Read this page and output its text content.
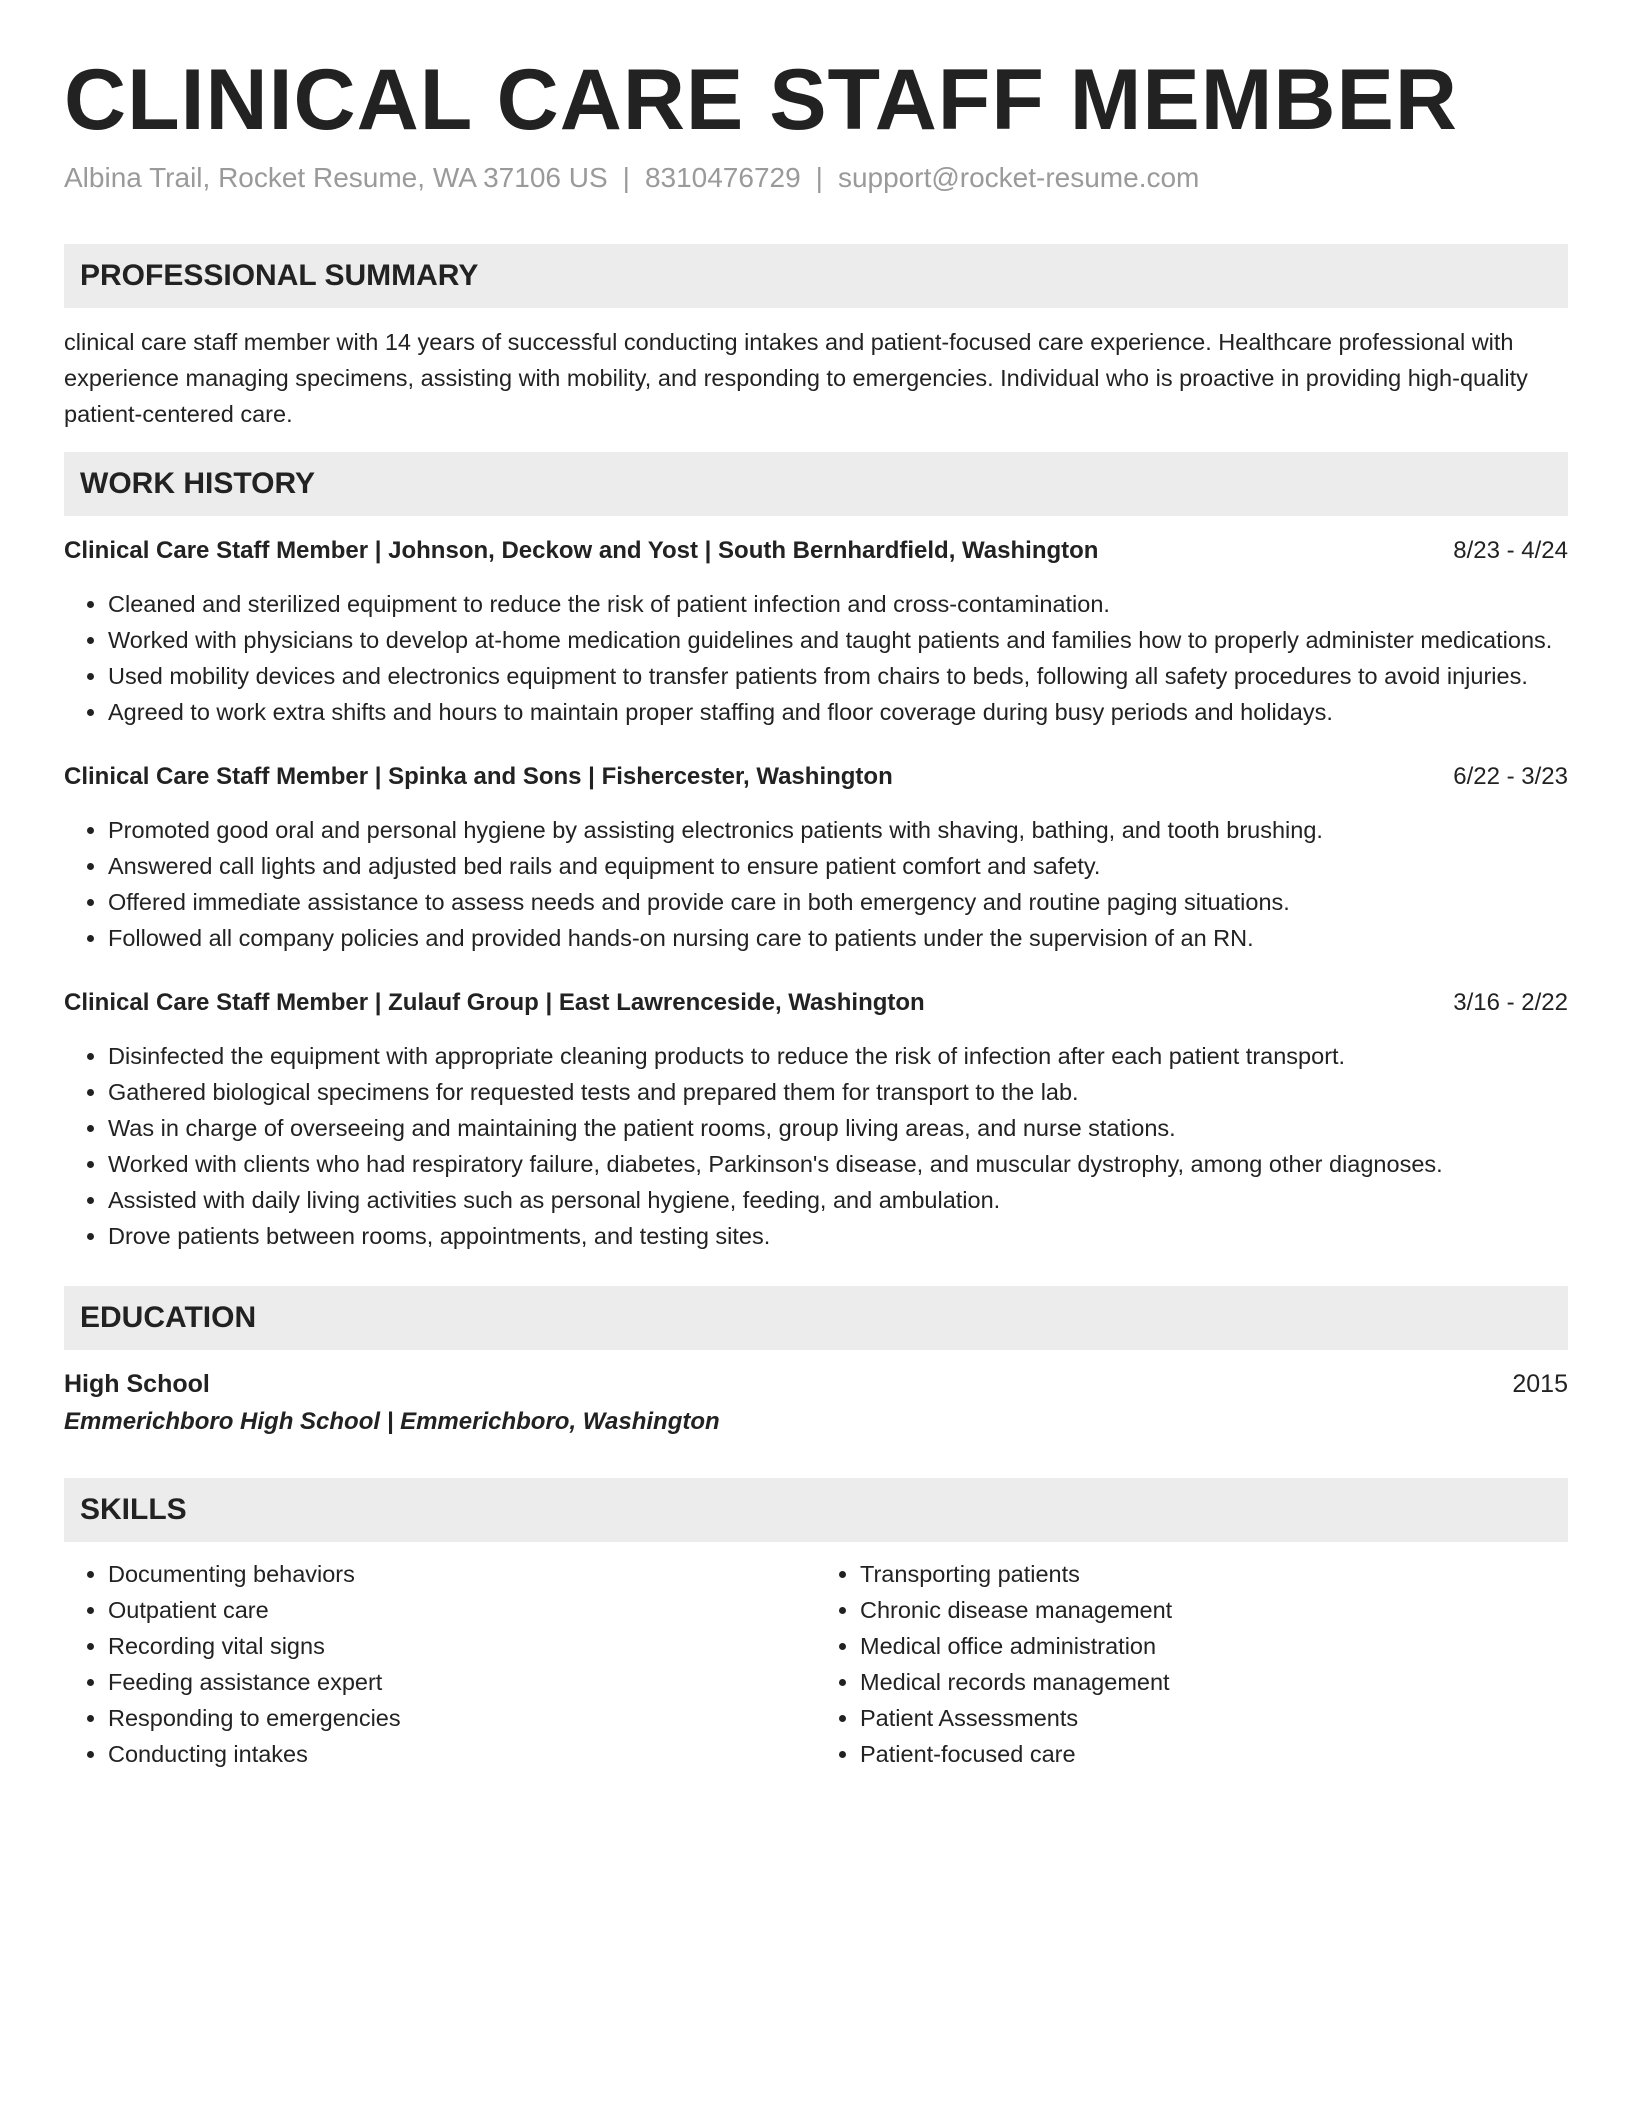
CLINICAL CARE STAFF MEMBER
Albina Trail, Rocket Resume, WA 37106 US | 8310476729 | support@rocket-resume.com
PROFESSIONAL SUMMARY
clinical care staff member with 14 years of successful conducting intakes and patient-focused care experience. Healthcare professional with experience managing specimens, assisting with mobility, and responding to emergencies. Individual who is proactive in providing high-quality patient-centered care.
WORK HISTORY
Clinical Care Staff Member | Johnson, Deckow and Yost | South Bernhardfield, Washington	8/23 - 4/24
• Cleaned and sterilized equipment to reduce the risk of patient infection and cross-contamination.
• Worked with physicians to develop at-home medication guidelines and taught patients and families how to properly administer medications.
• Used mobility devices and electronics equipment to transfer patients from chairs to beds, following all safety procedures to avoid injuries.
• Agreed to work extra shifts and hours to maintain proper staffing and floor coverage during busy periods and holidays.
Clinical Care Staff Member | Spinka and Sons | Fishercester, Washington	6/22 - 3/23
• Promoted good oral and personal hygiene by assisting electronics patients with shaving, bathing, and tooth brushing.
• Answered call lights and adjusted bed rails and equipment to ensure patient comfort and safety.
• Offered immediate assistance to assess needs and provide care in both emergency and routine paging situations.
• Followed all company policies and provided hands-on nursing care to patients under the supervision of an RN.
Clinical Care Staff Member | Zulauf Group | East Lawrenceside, Washington	3/16 - 2/22
• Disinfected the equipment with appropriate cleaning products to reduce the risk of infection after each patient transport.
• Gathered biological specimens for requested tests and prepared them for transport to the lab.
• Was in charge of overseeing and maintaining the patient rooms, group living areas, and nurse stations.
• Worked with clients who had respiratory failure, diabetes, Parkinson's disease, and muscular dystrophy, among other diagnoses.
• Assisted with daily living activities such as personal hygiene, feeding, and ambulation.
• Drove patients between rooms, appointments, and testing sites.
EDUCATION
High School	2015
Emmerichboro High School | Emmerichboro, Washington
SKILLS
• Documenting behaviors
• Outpatient care
• Recording vital signs
• Feeding assistance expert
• Responding to emergencies
• Conducting intakes
• Transporting patients
• Chronic disease management
• Medical office administration
• Medical records management
• Patient Assessments
• Patient-focused care
